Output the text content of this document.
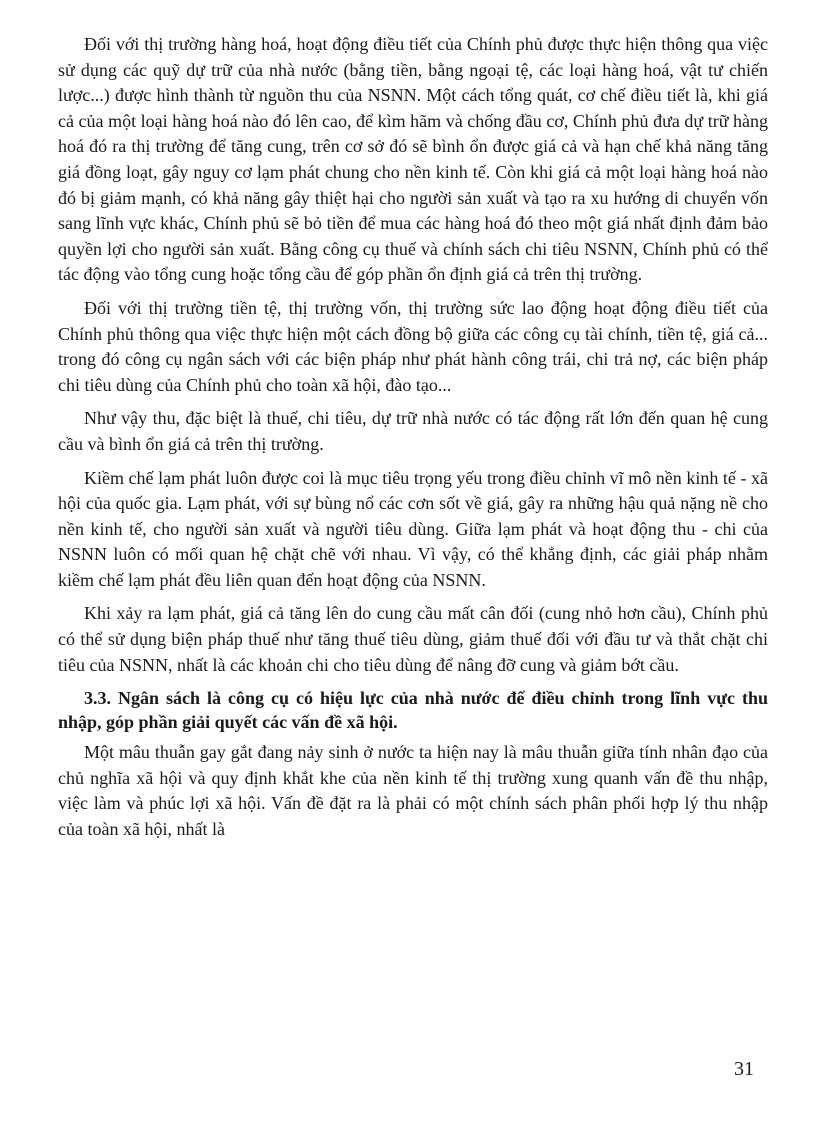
Đối với thị trường hàng hoá, hoạt động điều tiết của Chính phủ được thực hiện thông qua việc sử dụng các quỹ dự trữ của nhà nước (bằng tiền, bằng ngoại tệ, các loại hàng hoá, vật tư chiến lược...) được hình thành từ nguồn thu của NSNN. Một cách tổng quát, cơ chế điều tiết là, khi giá cả của một loại hàng hoá nào đó lên cao, để kìm hãm và chống đầu cơ, Chính phủ đưa dự trữ hàng hoá đó ra thị trường để tăng cung, trên cơ sở đó sẽ bình ổn được giá cả và hạn chế khả năng tăng giá đồng loạt, gây nguy cơ lạm phát chung cho nền kinh tế. Còn khi giá cả một loại hàng hoá nào đó bị giảm mạnh, có khả năng gây thiệt hại cho người sản xuất và tạo ra xu hướng di chuyển vốn sang lĩnh vực khác, Chính phủ sẽ bỏ tiền để mua các hàng hoá đó theo một giá nhất định đảm bảo quyền lợi cho người sản xuất. Bằng công cụ thuế và chính sách chi tiêu NSNN, Chính phủ có thể tác động vào tổng cung hoặc tổng cầu để góp phần ổn định giá cả trên thị trường.

Đối với thị trường tiền tệ, thị trường vốn, thị trường sức lao động hoạt động điều tiết của Chính phủ thông qua việc thực hiện một cách đồng bộ giữa các công cụ tài chính, tiền tệ, giá cả... trong đó công cụ ngân sách với các biện pháp như phát hành công trái, chi trả nợ, các biện pháp chi tiêu dùng của Chính phủ cho toàn xã hội, đào tạo...

Như vậy thu, đặc biệt là thuế, chi tiêu, dự trữ nhà nước có tác động rất lớn đến quan hệ cung cầu và bình ổn giá cả trên thị trường.

Kiềm chế lạm phát luôn được coi là mục tiêu trọng yếu trong điều chỉnh vĩ mô nền kinh tế - xã hội của quốc gia. Lạm phát, với sự bùng nổ các cơn sốt về giá, gây ra những hậu quả nặng nề cho nền kinh tế, cho người sản xuất và người tiêu dùng. Giữa lạm phát và hoạt động thu - chi của NSNN luôn có mối quan hệ chặt chẽ với nhau. Vì vậy, có thể khẳng định, các giải pháp nhằm kiềm chế lạm phát đều liên quan đến hoạt động của NSNN.

Khi xảy ra lạm phát, giá cả tăng lên do cung cầu mất cân đối (cung nhỏ hơn cầu), Chính phủ có thể sử dụng biện pháp thuế như tăng thuế tiêu dùng, giảm thuế đối với đầu tư và thắt chặt chi tiêu của NSNN, nhất là các khoản chi cho tiêu dùng để nâng đỡ cung và giảm bớt cầu.

3.3. Ngân sách là công cụ có hiệu lực của nhà nước để điều chỉnh trong lĩnh vực thu nhập, góp phần giải quyết các vấn đề xã hội.

Một mâu thuẫn gay gắt đang nảy sinh ở nước ta hiện nay là mâu thuẫn giữa tính nhân đạo của chủ nghĩa xã hội và quy định khắt khe của nền kinh tế thị trường xung quanh vấn đề thu nhập, việc làm và phúc lợi xã hội. Vấn đề đặt ra là phải có một chính sách phân phối hợp lý thu nhập của toàn xã hội, nhất là

31
